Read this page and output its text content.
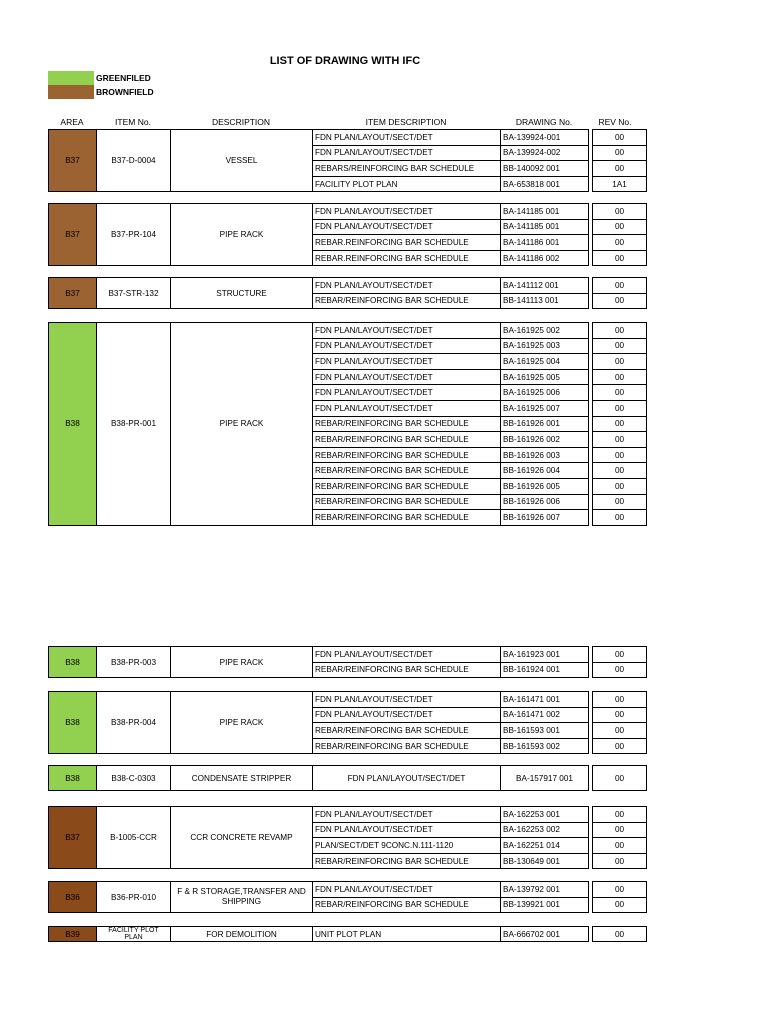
LIST OF DRAWING WITH IFC
GREENFILED
BROWNFIELD
AREA	ITEM No.	DESCRIPTION	ITEM DESCRIPTION	DRAWING No.	REV No.
B37	B37-D-0004	VESSEL	FDN PLAN/LAYOUT/SECT/DET	BA-139924-001		00
			FDN PLAN/LAYOUT/SECT/DET	BA-139924-002		00
			REBARS/REINFORCING BAR SCHEDULE	BB-140092 001		00
			FACILITY PLOT PLAN	BA-653818 001		1A1
B37	B37-PR-104	PIPE RACK	FDN PLAN/LAYOUT/SECT/DET	BA-141185 001		00
			FDN PLAN/LAYOUT/SECT/DET	BA-141185 001		00
			REBAR.REINFORCING BAR SCHEDULE	BA-141186 001		00
			REBAR.REINFORCING BAR SCHEDULE	BA-141186 002		00
B37	B37-STR-132	STRUCTURE	FDN PLAN/LAYOUT/SECT/DET	BA-141112 001		00
			REBAR/REINFORCING BAR SCHEDULE	BB-141113 001		00
B38	B38-PR-001	PIPE RACK	FDN PLAN/LAYOUT/SECT/DET	BA-161925 002		00
			FDN PLAN/LAYOUT/SECT/DET	BA-161925 003		00
			FDN PLAN/LAYOUT/SECT/DET	BA-161925 004		00
			FDN PLAN/LAYOUT/SECT/DET	BA-161925 005		00
			FDN PLAN/LAYOUT/SECT/DET	BA-161925 006		00
			FDN PLAN/LAYOUT/SECT/DET	BA-161925 007		00
			REBAR/REINFORCING BAR SCHEDULE	BB-161926 001		00
			REBAR/REINFORCING BAR SCHEDULE	BB-161926 002		00
			REBAR/REINFORCING BAR SCHEDULE	BB-161926 003		00
			REBAR/REINFORCING BAR SCHEDULE	BB-161926 004		00
			REBAR/REINFORCING BAR SCHEDULE	BB-161926 005		00
			REBAR/REINFORCING BAR SCHEDULE	BB-161926 006		00
			REBAR/REINFORCING BAR SCHEDULE	BB-161926 007		00
B38	B38-PR-003	PIPE RACK	FDN PLAN/LAYOUT/SECT/DET	BA-161923 001		00
			REBAR/REINFORCING BAR SCHEDULE	BB-161924 001		00
B38	B38-PR-004	PIPE RACK	FDN PLAN/LAYOUT/SECT/DET	BA-161471 001		00
			FDN PLAN/LAYOUT/SECT/DET	BA-161471 002		00
			REBAR/REINFORCING BAR SCHEDULE	BB-161593 001		00
			REBAR/REINFORCING BAR SCHEDULE	BB-161593 002		00
B38	B38-C-0303	CONDENSATE STRIPPER	FDN PLAN/LAYOUT/SECT/DET	BA-157917 001		00
B37	B-1005-CCR	CCR CONCRETE REVAMP	FDN PLAN/LAYOUT/SECT/DET	BA-162253 001		00
			FDN PLAN/LAYOUT/SECT/DET	BA-162253 002		00
			PLAN/SECT/DET 9CONC.N.111-1120	BA-162251 014		00
			REBAR/REINFORCING BAR SCHEDULE	BB-130649 001		00
B36	B36-PR-010	F & R STORAGE,TRANSFER AND SHIPPING	FDN PLAN/LAYOUT/SECT/DET	BA-139792 001		00
			REBAR/REINFORCING BAR SCHEDULE	BB-139921 001		00
B39	FACILITY PLOT PLAN	FOR DEMOLITION	UNIT PLOT PLAN	BA-666702 001		00
